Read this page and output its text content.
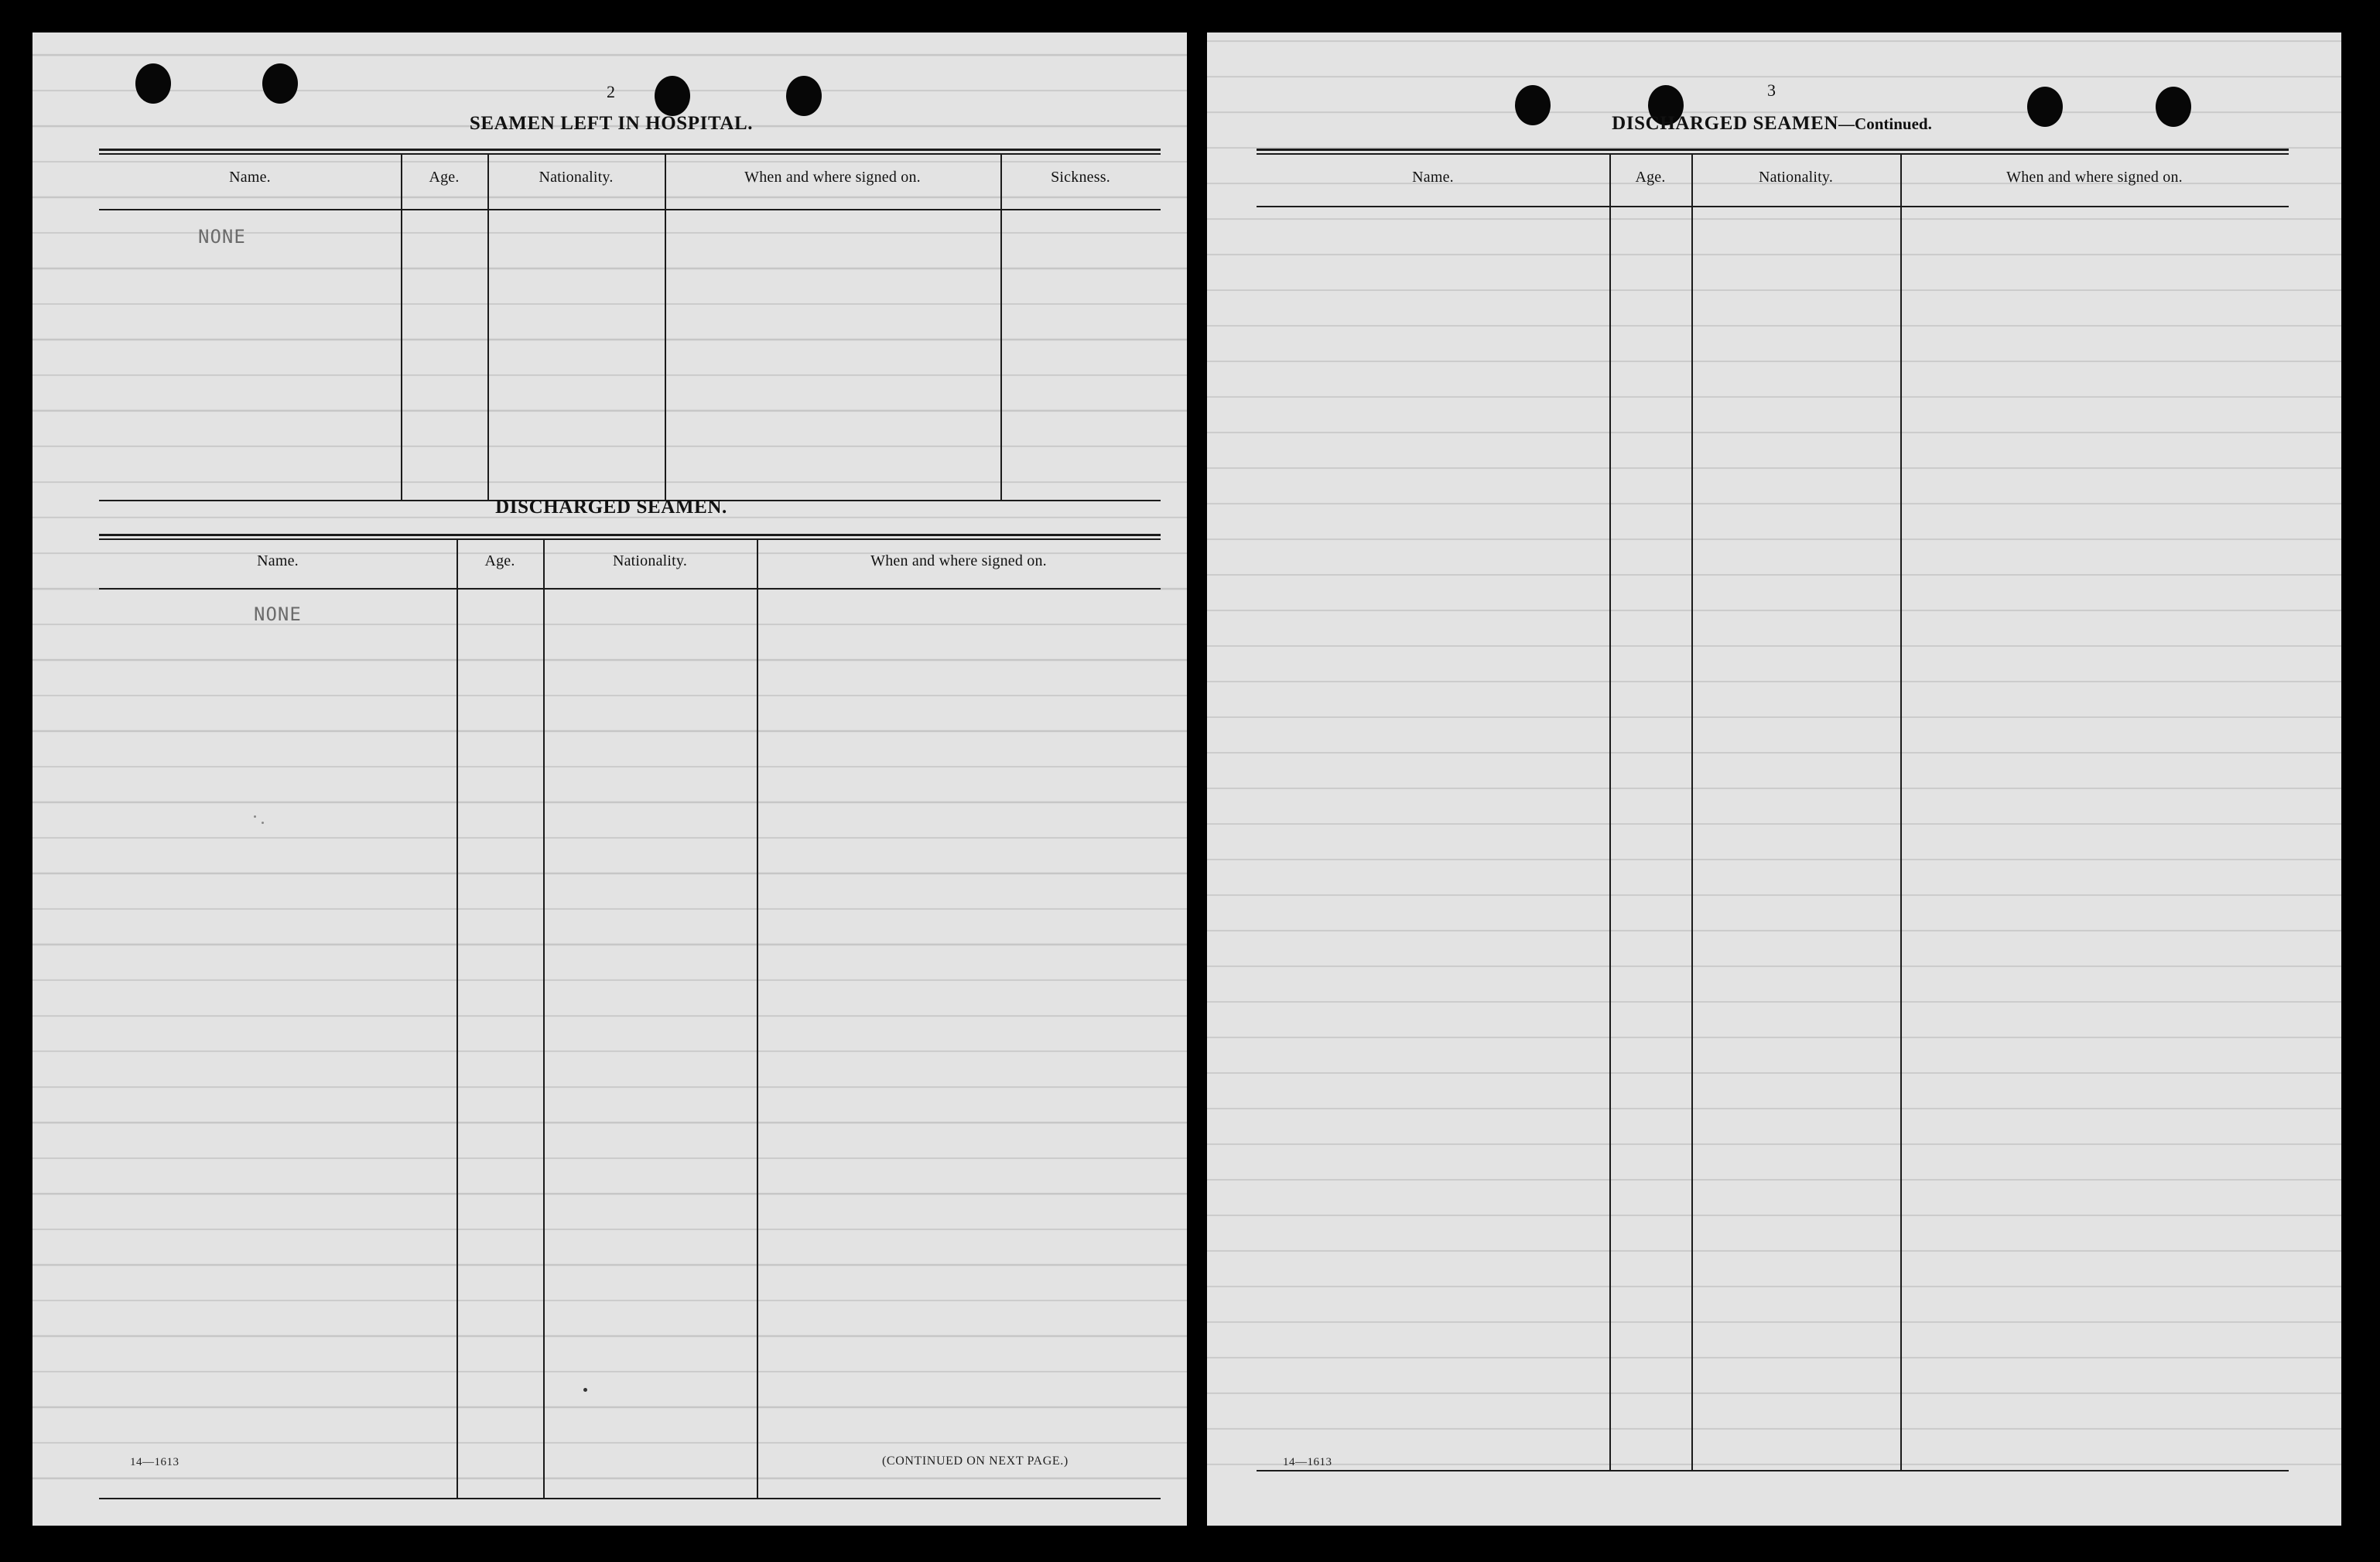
2
SEAMEN LEFT IN HOSPITAL.
Name.	Age.	Nationality.	When and where signed on.	Sickness.
NONE
DISCHARGED SEAMEN.
Name.	Age.	Nationality.	When and where signed on.
NONE
14—1613	(CONTINUED ON NEXT PAGE.)
3
DISCHARGED SEAMEN—Continued.
Name.	Age.	Nationality.	When and where signed on.
14—1613
